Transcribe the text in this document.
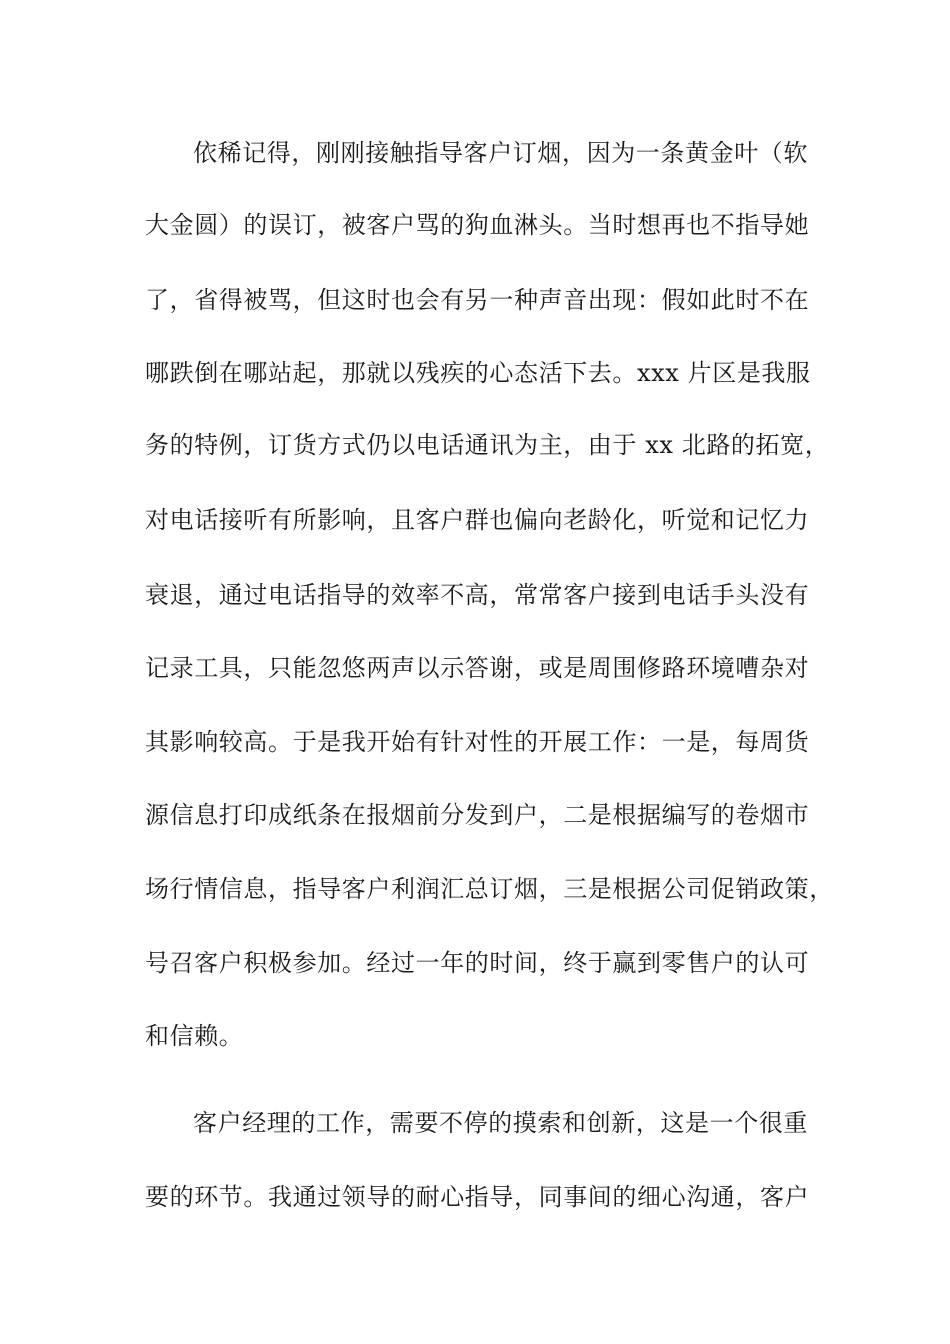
依稀记得，刚刚接触指导客户订烟，因为一条黄金叶（软
大金圆）的误订，被客户骂的狗血淋头。当时想再也不指导她
了，省得被骂，但这时也会有另一种声音出现：假如此时不在
哪跌倒在哪站起，那就以残疾的心态活下去。xxx 片区是我服
务的特例，订货方式仍以电话通讯为主，由于 xx 北路的拓宽，
对电话接听有所影响，且客户群也偏向老龄化，听觉和记忆力
衰退，通过电话指导的效率不高，常常客户接到电话手头没有
记录工具，只能忽悠两声以示答谢，或是周围修路环境嘈杂对
其影响较高。于是我开始有针对性的开展工作：一是，每周货
源信息打印成纸条在报烟前分发到户，二是根据编写的卷烟市
场行情信息，指导客户利润汇总订烟，三是根据公司促销政策，
号召客户积极参加。经过一年的时间，终于赢到零售户的认可
和信赖。
客户经理的工作，需要不停的摸索和创新，这是一个很重
要的环节。我通过领导的耐心指导，同事间的细心沟通，客户
